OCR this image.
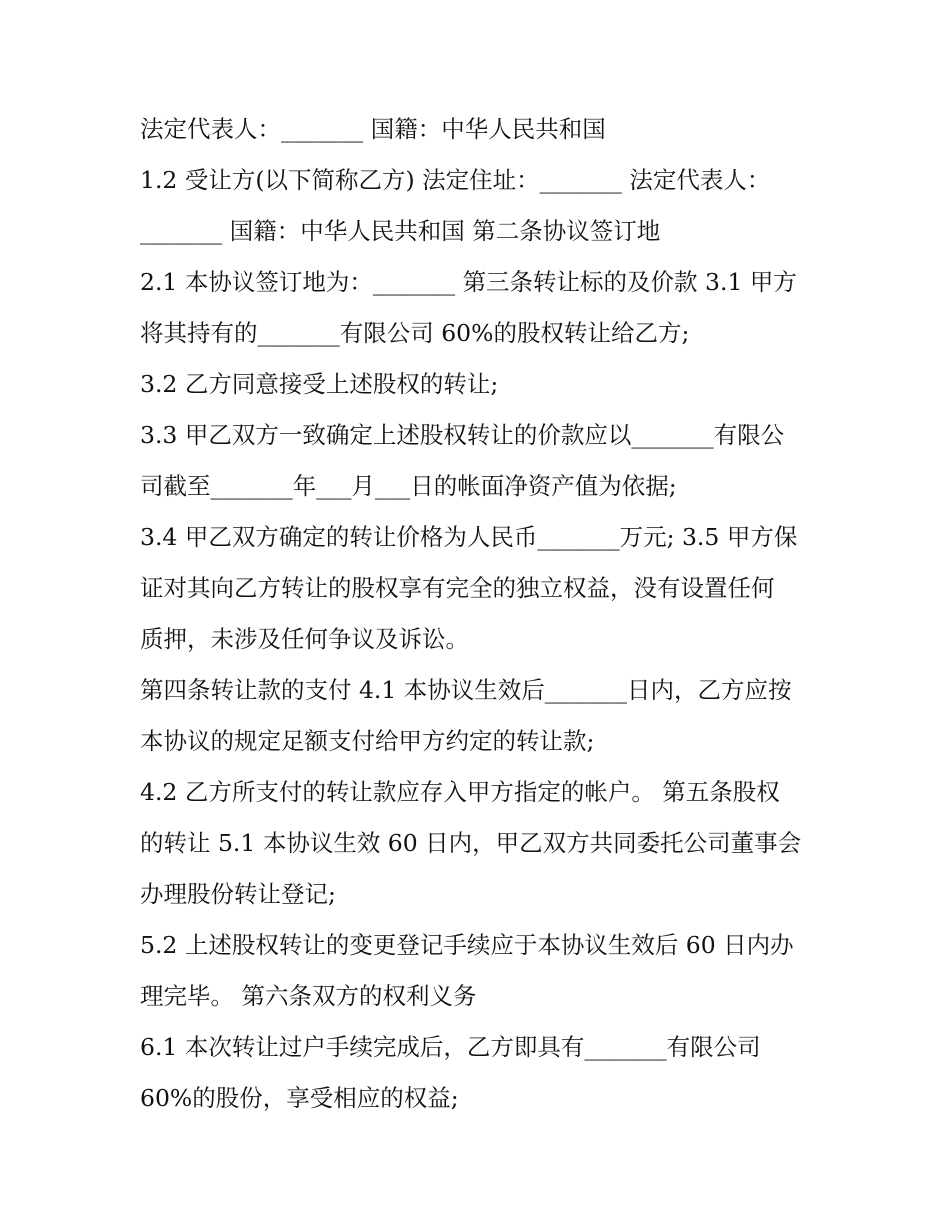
法定代表人：_______ 国籍：中华人民共和国
1.2 受让方(以下简称乙方) 法定住址：_______ 法定代表人：
_______ 国籍：中华人民共和国 第二条协议签订地
2.1 本协议签订地为：_______ 第三条转让标的及价款 3.1 甲方
将其持有的_______有限公司 60%的股权转让给乙方;
3.2 乙方同意接受上述股权的转让;
3.3 甲乙双方一致确定上述股权转让的价款应以_______有限公
司截至_______年___月___日的帐面净资产值为依据;
3.4 甲乙双方确定的转让价格为人民币_______万元; 3.5 甲方保
证对其向乙方转让的股权享有完全的独立权益，没有设置任何
质押，未涉及任何争议及诉讼。
第四条转让款的支付 4.1 本协议生效后_______日内，乙方应按
本协议的规定足额支付给甲方约定的转让款;
4.2 乙方所支付的转让款应存入甲方指定的帐户。 第五条股权
的转让 5.1 本协议生效 60 日内，甲乙双方共同委托公司董事会
办理股份转让登记;
5.2 上述股权转让的变更登记手续应于本协议生效后 60 日内办
理完毕。 第六条双方的权利义务
6.1 本次转让过户手续完成后，乙方即具有_______有限公司
60%的股份，享受相应的权益;
